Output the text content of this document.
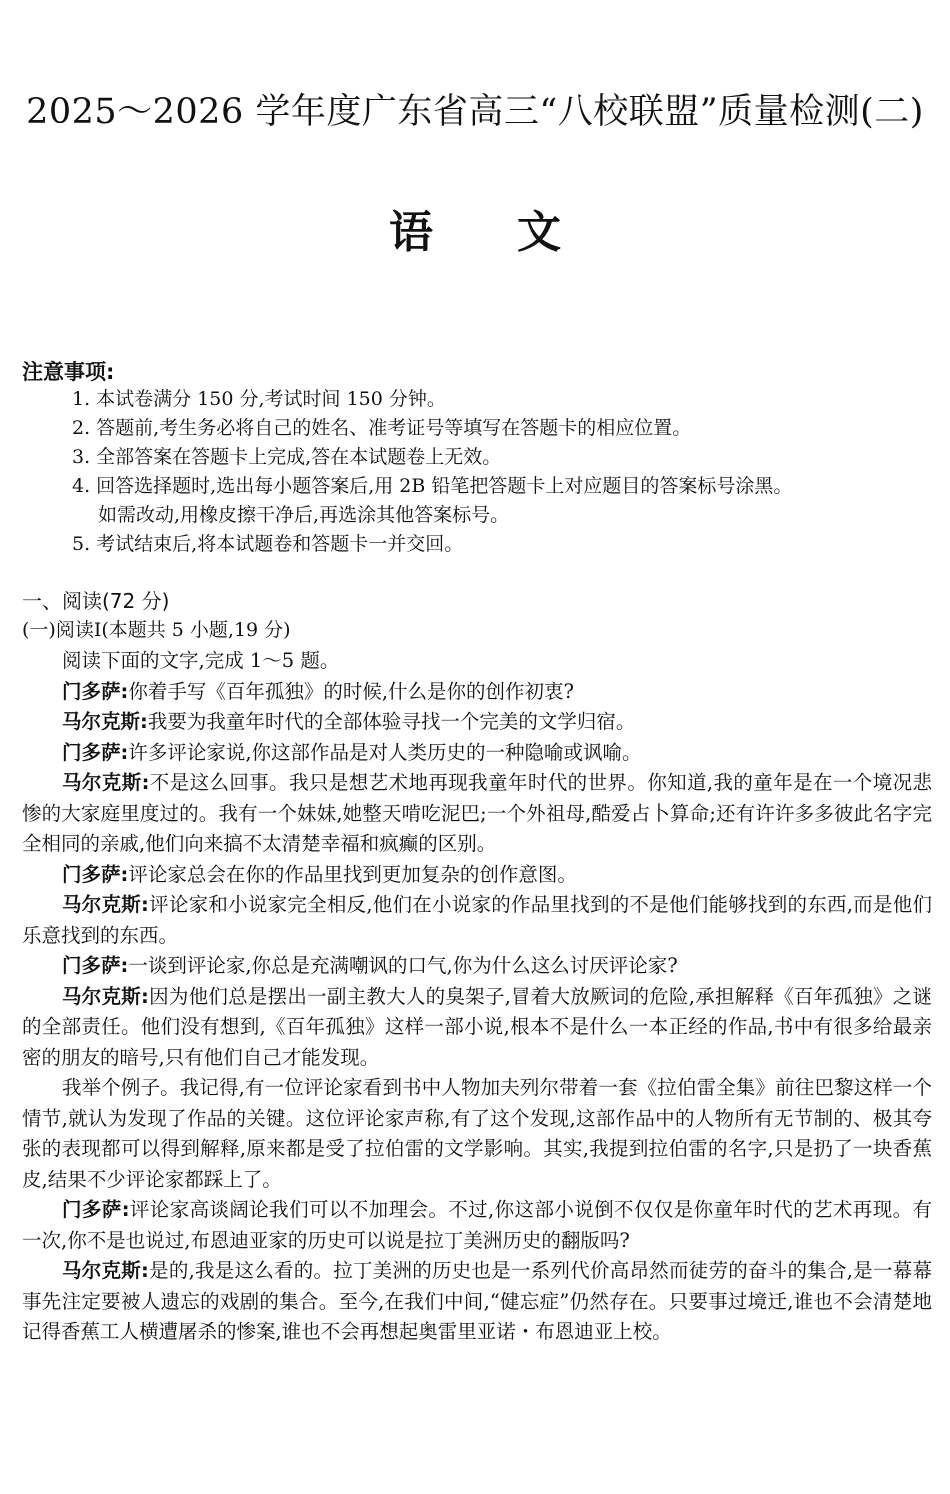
2025～2026 学年度广东省高三“八校联盟”质量检测(二)
语文
注意事项:
1. 本试卷满分 150 分,考试时间 150 分钟。
2. 答题前,考生务必将自己的姓名、准考证号等填写在答题卡的相应位置。
3. 全部答案在答题卡上完成,答在本试题卷上无效。
4. 回答选择题时,选出每小题答案后,用 2B 铅笔把答题卡上对应题目的答案标号涂黑。
如需改动,用橡皮擦干净后,再选涂其他答案标号。
5. 考试结束后,将本试题卷和答题卡一并交回。
一、阅读(72 分)
(一)阅读Ⅰ(本题共 5 小题,19 分)

阅读下面的文字,完成 1～5 题。

门多萨:你着手写《百年孤独》的时候,什么是你的创作初衷?

马尔克斯:我要为我童年时代的全部体验寻找一个完美的文学归宿。

门多萨:许多评论家说,你这部作品是对人类历史的一种隐喻或讽喻。

马尔克斯:不是这么回事。我只是想艺术地再现我童年时代的世界。你知道,我的童年是在一个境况悲惨的大家庭里度过的。我有一个妹妹,她整天啃吃泥巴;一个外祖母,酷爱占卜算命;还有许许多多彼此名字完全相同的亲戚,他们向来搞不太清楚幸福和疯癫的区别。

门多萨:评论家总会在你的作品里找到更加复杂的创作意图。

马尔克斯:评论家和小说家完全相反,他们在小说家的作品里找到的不是他们能够找到的东西,而是他们乐意找到的东西。

门多萨:一谈到评论家,你总是充满嘲讽的口气,你为什么这么讨厌评论家?

马尔克斯:因为他们总是摆出一副主教大人的臭架子,冒着大放厥词的危险,承担解释《百年孤独》之谜的全部责任。他们没有想到,《百年孤独》这样一部小说,根本不是什么一本正经的作品,书中有很多给最亲密的朋友的暗号,只有他们自己才能发现。

我举个例子。我记得,有一位评论家看到书中人物加夫列尔带着一套《拉伯雷全集》前往巴黎这样一个情节,就认为发现了作品的关键。这位评论家声称,有了这个发现,这部作品中的人物所有无节制的、极其夸张的表现都可以得到解释,原来都是受了拉伯雷的文学影响。其实,我提到拉伯雷的名字,只是扔了一块香蕉皮,结果不少评论家都踩上了。

门多萨:评论家高谈阔论我们可以不加理会。不过,你这部小说倒不仅仅是你童年时代的艺术再现。有一次,你不是也说过,布恩迪亚家的历史可以说是拉丁美洲历史的翻版吗?

马尔克斯:是的,我是这么看的。拉丁美洲的历史也是一系列代价高昂然而徒劳的奋斗的集合,是一幕幕事先注定要被人遗忘的戏剧的集合。至今,在我们中间,“健忘症”仍然存在。只要事过境迁,谁也不会清楚地记得香蕉工人横遭屠杀的惨案,谁也不会再想起奥雷里亚诺・布恩迪亚上校。
